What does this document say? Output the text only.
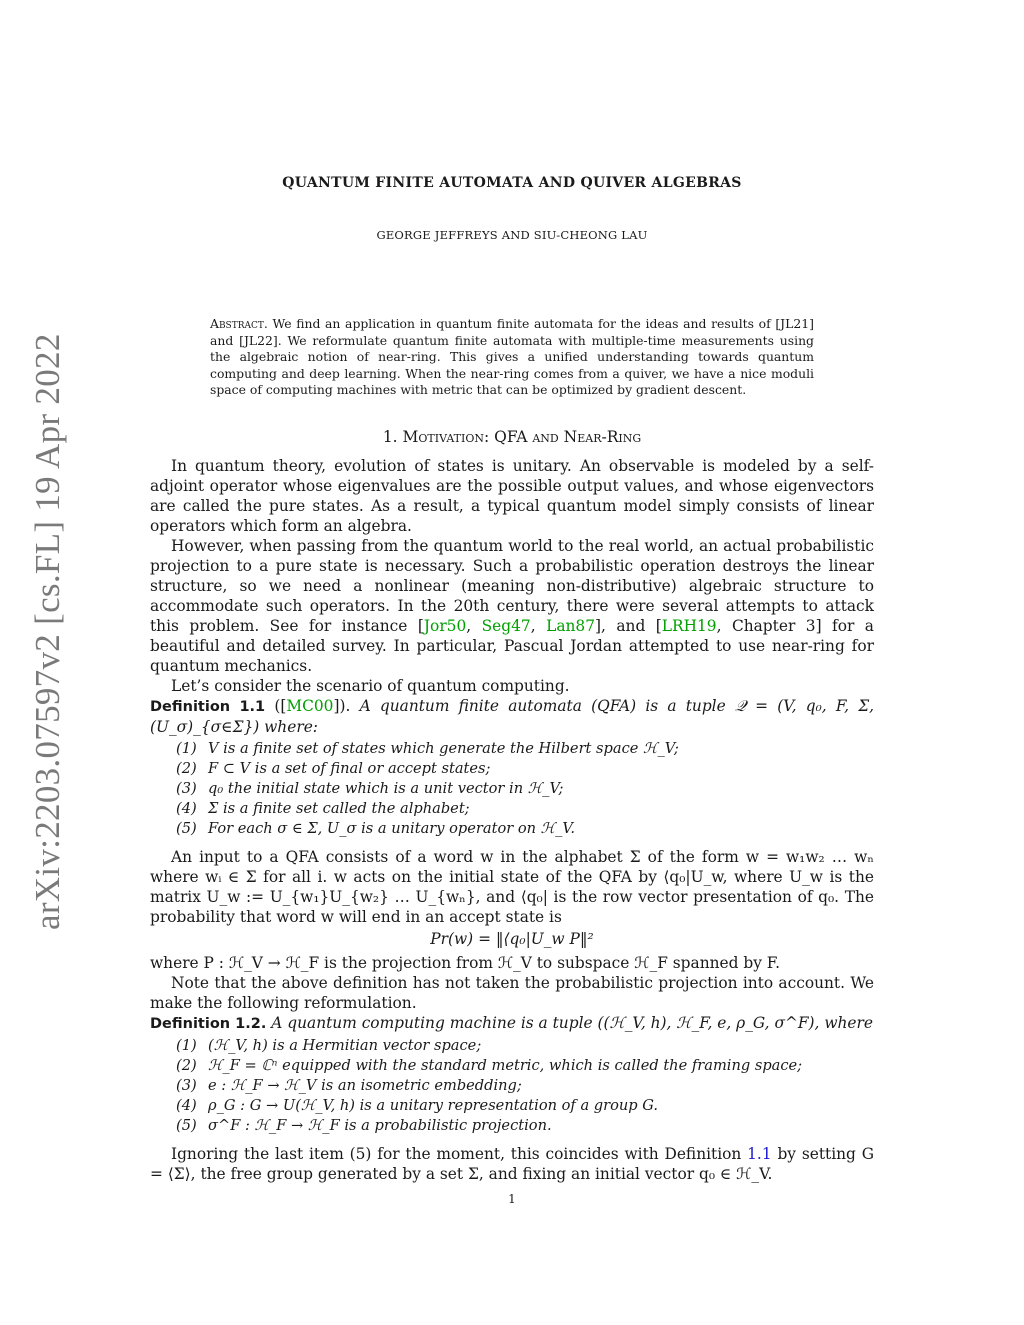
arXiv:2203.07597v2 [cs.FL] 19 Apr 2022
QUANTUM FINITE AUTOMATA AND QUIVER ALGEBRAS
GEORGE JEFFREYS AND SIU-CHEONG LAU
Abstract. We find an application in quantum finite automata for the ideas and results of [JL21] and [JL22]. We reformulate quantum finite automata with multiple-time measurements using the algebraic notion of near-ring. This gives a unified understanding towards quantum computing and deep learning. When the near-ring comes from a quiver, we have a nice moduli space of computing machines with metric that can be optimized by gradient descent.
1. Motivation: QFA and Near-Ring

In quantum theory, evolution of states is unitary. An observable is modeled by a self-adjoint operator whose eigenvalues are the possible output values, and whose eigenvectors are called the pure states. As a result, a typical quantum model simply consists of linear operators which form an algebra.

However, when passing from the quantum world to the real world, an actual probabilistic projection to a pure state is necessary. Such a probabilistic operation destroys the linear structure, so we need a nonlinear (meaning non-distributive) algebraic structure to accommodate such operators. In the 20th century, there were several attempts to attack this problem. See for instance [Jor50, Seg47, Lan87], and [LRH19, Chapter 3] for a beautiful and detailed survey. In particular, Pascual Jordan attempted to use near-ring for quantum mechanics.

Let’s consider the scenario of quantum computing.

Definition 1.1 ([MC00]). A quantum finite automata (QFA) is a tuple 𝒬 = (V, q₀, F, Σ, (U_σ)_{σ∈Σ}) where:

(1) V is a finite set of states which generate the Hilbert space ℋ_V;
(2) F ⊂ V is a set of final or accept states;
(3) q₀ the initial state which is a unit vector in ℋ_V;
(4) Σ is a finite set called the alphabet;
(5) For each σ ∈ Σ, U_σ is a unitary operator on ℋ_V.

An input to a QFA consists of a word w in the alphabet Σ of the form w = w₁w₂ … wₙ where wᵢ ∈ Σ for all i. w acts on the initial state of the QFA by ⟨q₀|U_w, where U_w is the matrix U_w := U_{w₁}U_{w₂} … U_{wₙ}, and ⟨q₀| is the row vector presentation of q₀. The probability that word w will end in an accept state is

Pr(w) = ‖⟨q₀|U_w P‖²

where P : ℋ_V → ℋ_F is the projection from ℋ_V to subspace ℋ_F spanned by F.

Note that the above definition has not taken the probabilistic projection into account. We make the following reformulation.

Definition 1.2. A quantum computing machine is a tuple ((ℋ_V, h), ℋ_F, e, ρ_G, σ^F), where

(1) (ℋ_V, h) is a Hermitian vector space;
(2) ℋ_F = ℂⁿ equipped with the standard metric, which is called the framing space;
(3) e : ℋ_F → ℋ_V is an isometric embedding;
(4) ρ_G : G → U(ℋ_V, h) is a unitary representation of a group G.
(5) σ^F : ℋ_F → ℋ_F is a probabilistic projection.

Ignoring the last item (5) for the moment, this coincides with Definition 1.1 by setting G = ⟨Σ⟩, the free group generated by a set Σ, and fixing an initial vector q₀ ∈ ℋ_V.

1
